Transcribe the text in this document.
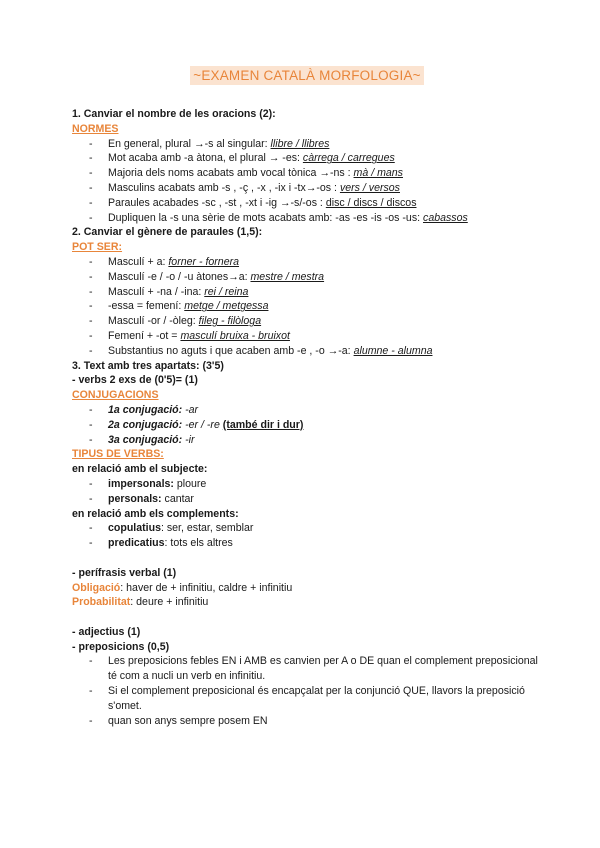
~EXAMEN CATALÀ MORFOLOGIA~
1. Canviar el nombre de les oracions (2):
NORMES
- En general, plural →-s al singular: llibre / llibres
- Mot acaba amb -a àtona, el plural → -es: càrrega / carregues
- Majoria dels noms acabats amb vocal tònica →-ns : mà / mans
- Masculins acabats amb -s , -ç , -x , -ix i -tx→-os : vers / versos
- Paraules acabades -sc , -st , -xt i -ig →-s/-os : disc / discs / discos
- Dupliquen la -s una sèrie de mots acabats amb: -as -es -is -os -us: cabassos
2. Canviar el gènere de paraules (1,5):
POT SER:
- Masculí + a: forner - fornera
- Masculí -e / -o / -u àtones→a: mestre / mestra
- Masculí + -na / -ina: rei / reina
- -essa = femení: metge / metgessa
- Masculí -or / -òleg: fileg - filòloga
- Femení + -ot = masculí bruixa - bruixot
- Substantius no aguts i que acaben amb -e , -o →-a: alumne - alumna
3. Text amb tres apartats: (3'5)
- verbs 2 exs de (0'5)= (1)
CONJUGACIONS
- 1a conjugació: -ar
- 2a conjugació: -er / -re (també dir i dur)
- 3a conjugació: -ir
TIPUS DE VERBS:
en relació amb el subjecte:
- impersonals: ploure
- personals: cantar
en relació amb els complements:
- copulatius: ser, estar, semblar
- predicatius: tots els altres
- perífrasis verbal (1)
Obligació: haver de + infinitiu, caldre + infinitiu
Probabilitat: deure + infinitiu
- adjectius (1)
- preposicions (0,5)
- Les preposicions febles EN i AMB es canvien per A o DE quan el complement preposicional té com a nucli un verb en infinitiu.
- Si el complement preposicional és encapçalat per la conjunció QUE, llavors la preposició s'omet.
- quan son anys sempre posem EN
